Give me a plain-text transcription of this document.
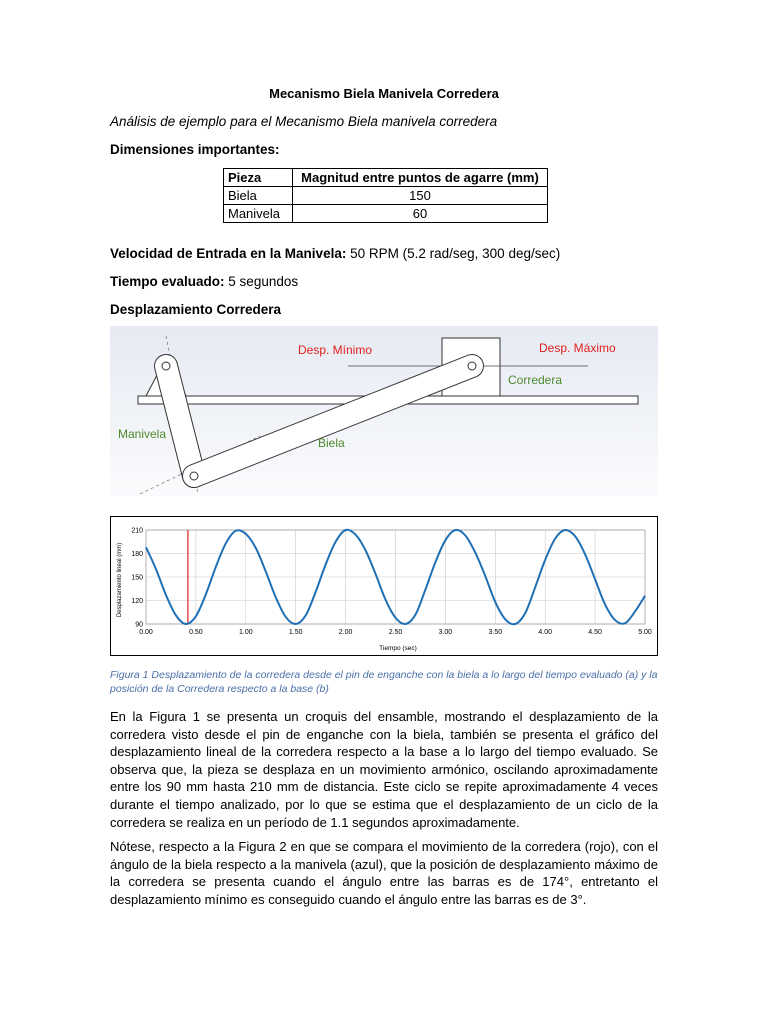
Mecanismo Biela Manivela Corredera
Análisis de ejemplo para el Mecanismo Biela manivela corredera
Dimensiones importantes:
Pieza	Magnitud entre puntos de agarre (mm)
Biela	150
Manivela	60
Velocidad de Entrada en la Manivela: 50 RPM (5.2 rad/seg, 300 deg/sec)
Tiempo evaluado: 5 segundos
Desplazamiento Corredera
Desp. Mínimo	Desp. Máximo
Corredera
Manivela
Biela
90
120
150
180
210
0.00	0.50	1.00	1.50	2.00	2.50	3.00	3.50	4.00	4.50	5.00
Tiempo (sec)
Desplazamiento lineal (mm)
Figura 1 Desplazamiento de la corredera desde el pin de enganche con la biela a lo largo del tiempo evaluado (a) y la posición de la Corredera respecto a la base (b)
En la Figura 1 se presenta un croquis del ensamble, mostrando el desplazamiento de la corredera visto desde el pin de enganche con la biela, también se presenta el gráfico del desplazamiento lineal de la corredera respecto a la base a lo largo del tiempo evaluado. Se observa que, la pieza se desplaza en un movimiento armónico, oscilando aproximadamente entre los 90 mm hasta 210 mm de distancia. Este ciclo se repite aproximadamente 4 veces durante el tiempo analizado, por lo que se estima que el desplazamiento de un ciclo de la corredera se realiza en un período de 1.1 segundos aproximadamente.
Nótese, respecto a la Figura 2 en que se compara el movimiento de la corredera (rojo), con el ángulo de la biela respecto a la manivela (azul), que la posición de desplazamiento máximo de la corredera se presenta cuando el ángulo entre las barras es de 174°, entretanto el desplazamiento mínimo es conseguido cuando el ángulo entre las barras es de 3°.
